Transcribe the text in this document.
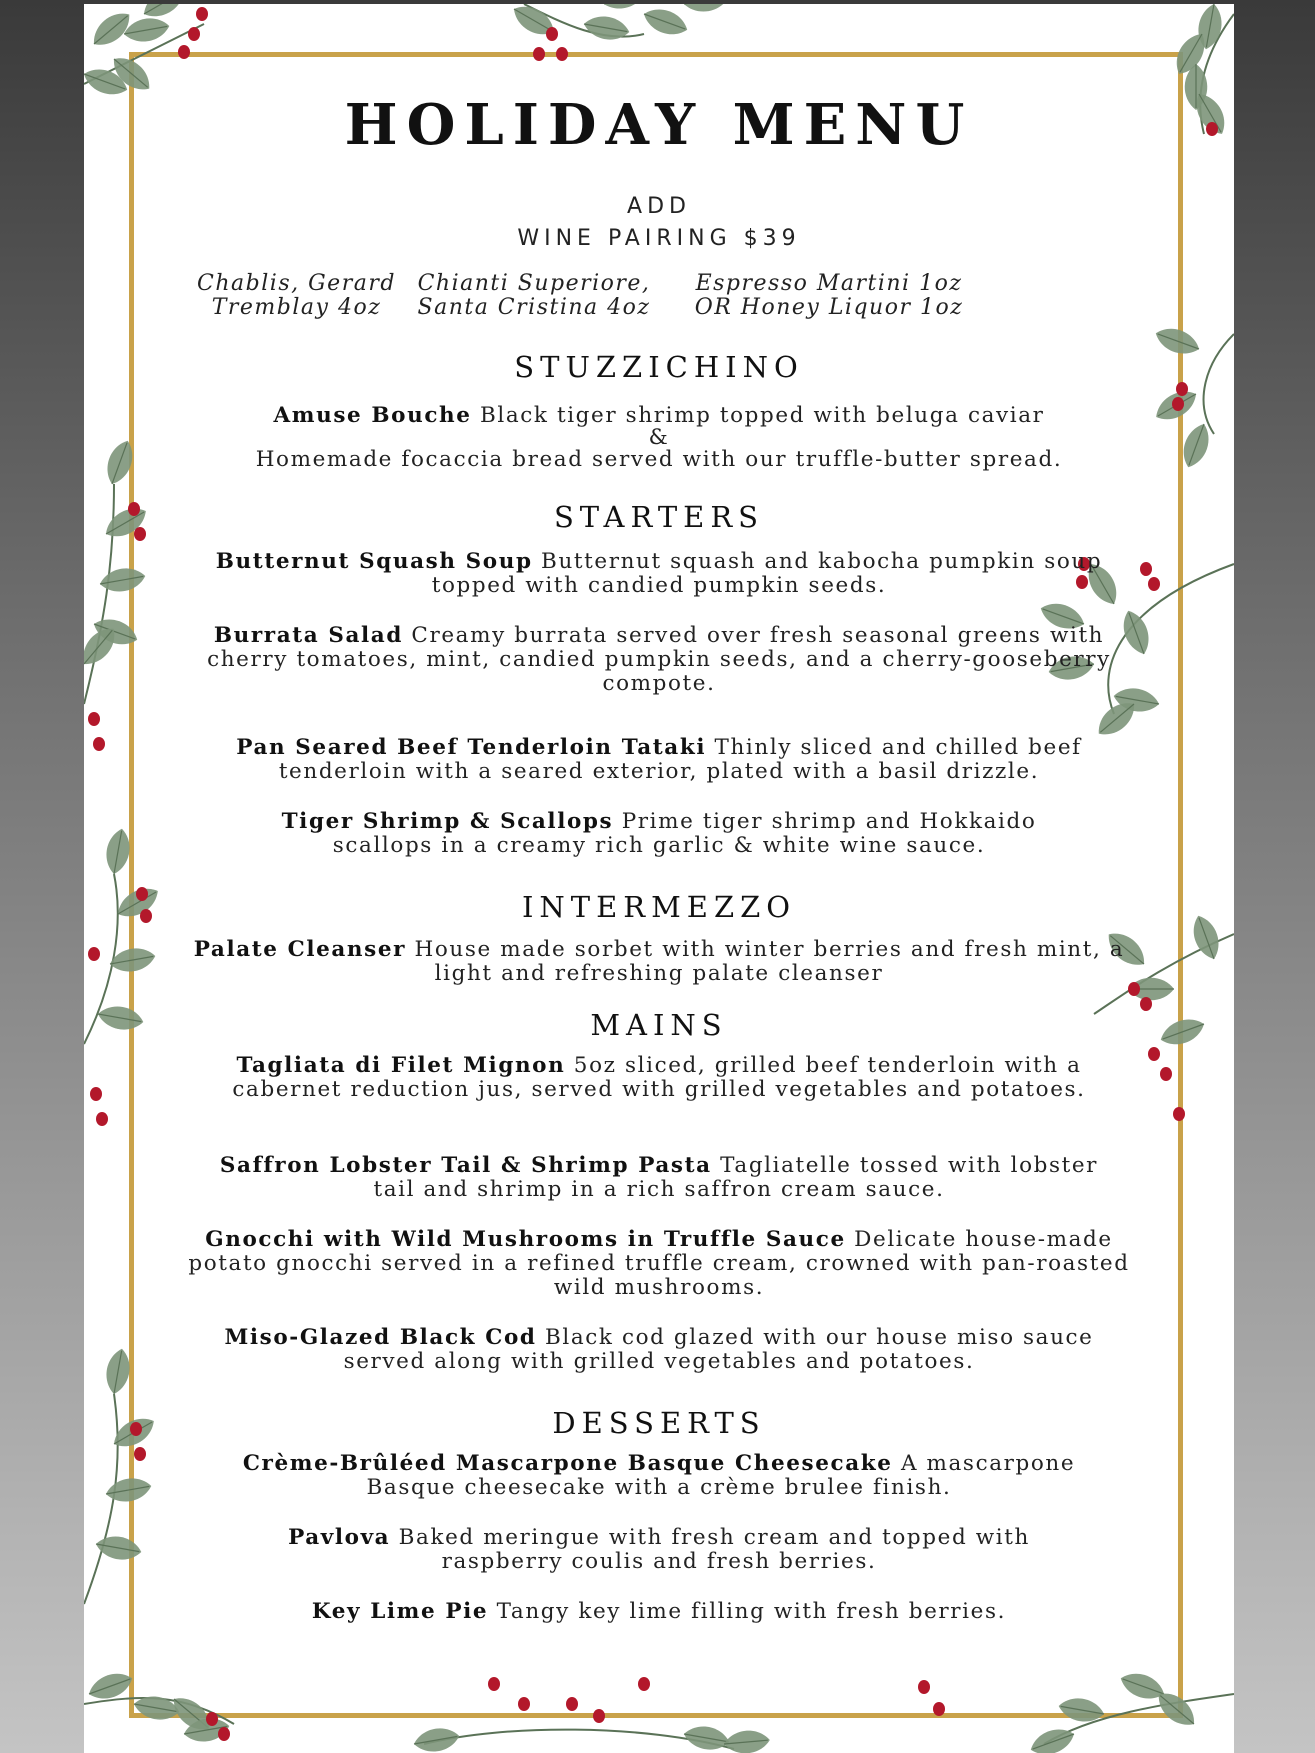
HOLIDAY MENU
ADD
WINE PAIRING $39
Chablis, Gerard
Tremblay 4oz
Chianti Superiore,
Santa Cristina 4oz
Espresso Martini 1oz
OR Honey Liquor 1oz
STUZZICHINO
Amuse Bouche Black tiger shrimp topped with beluga caviar
&
Homemade focaccia bread served with our truffle-butter spread.
STARTERS
Butternut Squash Soup Butternut squash and kabocha pumpkin soup topped with candied pumpkin seeds.
Burrata Salad Creamy burrata served over fresh seasonal greens with cherry tomatoes, mint, candied pumpkin seeds, and a cherry-gooseberry compote.
Pan Seared Beef Tenderloin Tataki Thinly sliced and chilled beef tenderloin with a seared exterior, plated with a basil drizzle.
Tiger Shrimp & Scallops Prime tiger shrimp and Hokkaido scallops in a creamy rich garlic & white wine sauce.
INTERMEZZO
Palate Cleanser House made sorbet with winter berries and fresh mint, a light and refreshing palate cleanser
MAINS
Tagliata di Filet Mignon 5oz sliced, grilled beef tenderloin with a cabernet reduction jus, served with grilled vegetables and potatoes.
Saffron Lobster Tail & Shrimp Pasta Tagliatelle tossed with lobster tail and shrimp in a rich saffron cream sauce.
Gnocchi with Wild Mushrooms in Truffle Sauce Delicate house-made potato gnocchi served in a refined truffle cream, crowned with pan-roasted wild mushrooms.
Miso-Glazed Black Cod Black cod glazed with our house miso sauce served along with grilled vegetables and potatoes.
DESSERTS
Crème-Brûléed Mascarpone Basque Cheesecake A mascarpone Basque cheesecake with a crème brulee finish.
Pavlova Baked meringue with fresh cream and topped with raspberry coulis and fresh berries.
Key Lime Pie Tangy key lime filling with fresh berries.
